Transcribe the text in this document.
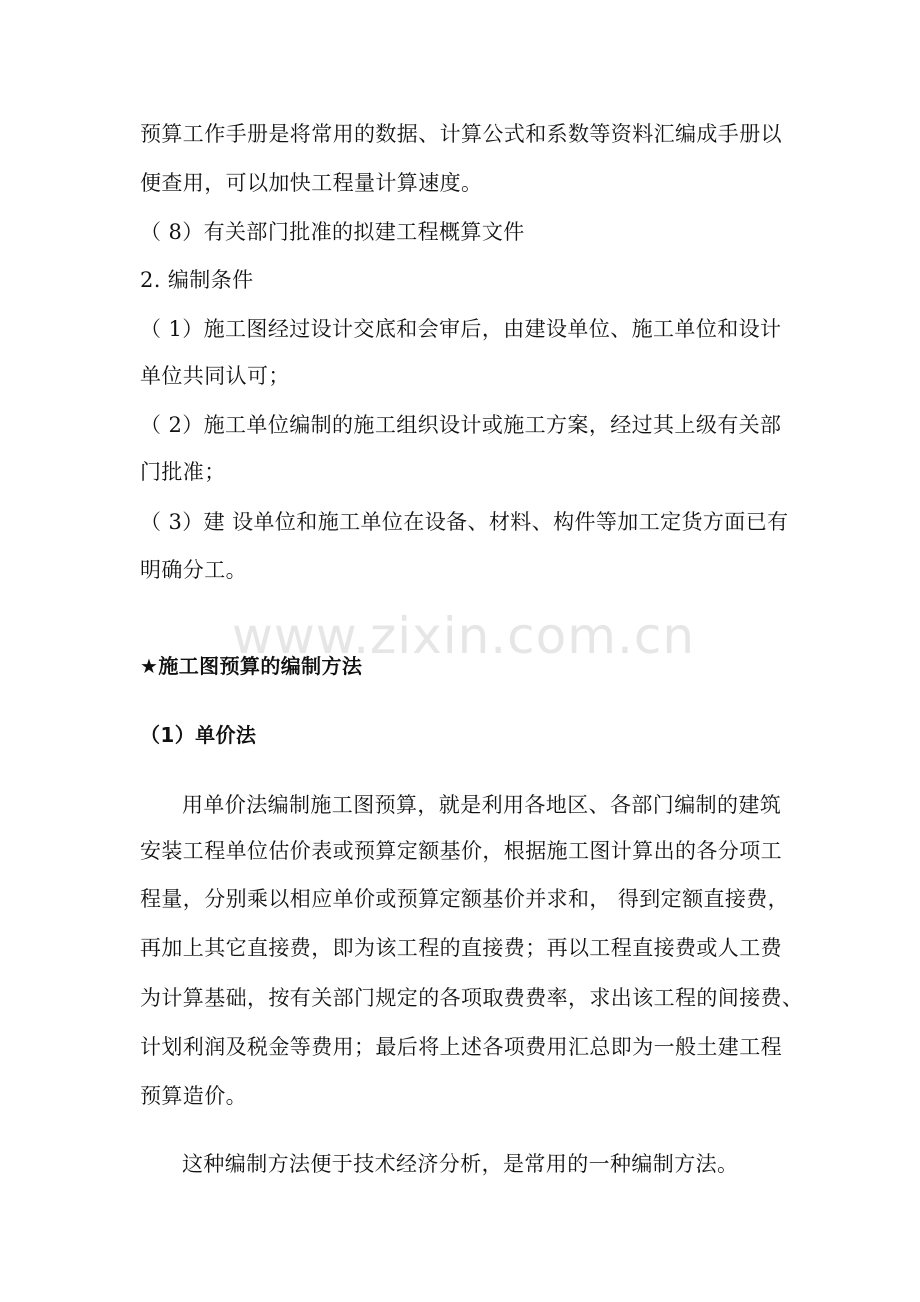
www.zixin.com.cn
预算工作手册是将常用的数据、计算公式和系数等资料汇编成手册以
便查用，可以加快工程量计算速度。
（ 8）有关部门批准的拟建工程概算文件
2. 编制条件
（ 1）施工图经过设计交底和会审后，由建设单位、施工单位和设计
单位共同认可；
（ 2）施工单位编制的施工组织设计或施工方案，经过其上级有关部
门批准；
（ 3）建 设单位和施工单位在设备、材料、构件等加工定货方面已有
明确分工。
★施工图预算的编制方法
（1）单价法
用单价法编制施工图预算，就是利用各地区、各部门编制的建筑
安装工程单位估价表或预算定额基价，根据施工图计算出的各分项工
程量，分别乘以相应单价或预算定额基价并求和， 得到定额直接费，
再加上其它直接费，即为该工程的直接费；再以工程直接费或人工费
为计算基础，按有关部门规定的各项取费费率，求出该工程的间接费、
计划利润及税金等费用；最后将上述各项费用汇总即为一般土建工程
预算造价。
这种编制方法便于技术经济分析，是常用的一种编制方法。
